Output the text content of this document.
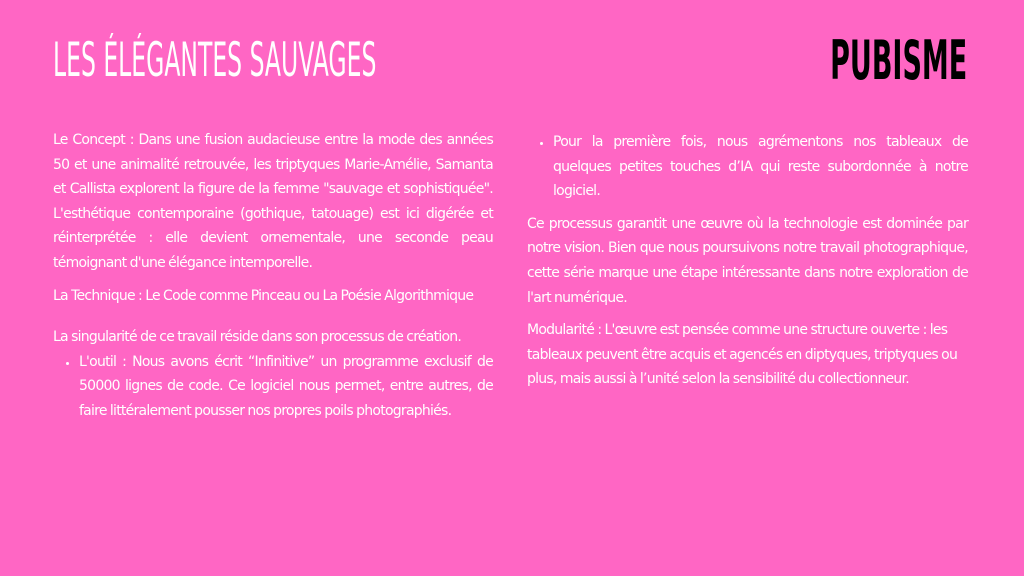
LES ÉLÉGANTES SAUVAGES	PUBISME

Le Concept : Dans une fusion audacieuse entre la mode des années 50 et une animalité retrouvée, les triptyques Marie-Amélie, Samanta et Callista explorent la figure de la femme "sauvage et sophistiquée". L'esthétique contemporaine (gothique, tatouage) est ici digérée et réinterprétée : elle devient ornementale, une seconde peau témoignant d'une élégance intemporelle.

La Technique : Le Code comme Pinceau ou La Poésie Algorithmique

La singularité de ce travail réside dans son processus de création.

• L'outil : Nous avons écrit “Infinitive” un programme exclusif de 50000 lignes de code. Ce logiciel nous permet, entre autres, de faire littéralement pousser nos propres poils photographiés.
• Pour la première fois, nous agrémentons nos tableaux de quelques petites touches d’IA qui reste subordonnée à notre logiciel.

Ce processus garantit une œuvre où la technologie est dominée par notre vision. Bien que nous poursuivons notre travail photographique, cette série marque une étape intéressante dans notre exploration de l'art numérique.

Modularité : L'œuvre est pensée comme une structure ouverte : les tableaux peuvent être acquis et agencés en diptyques, triptyques ou plus, mais aussi à l’unité selon la sensibilité du collectionneur.
